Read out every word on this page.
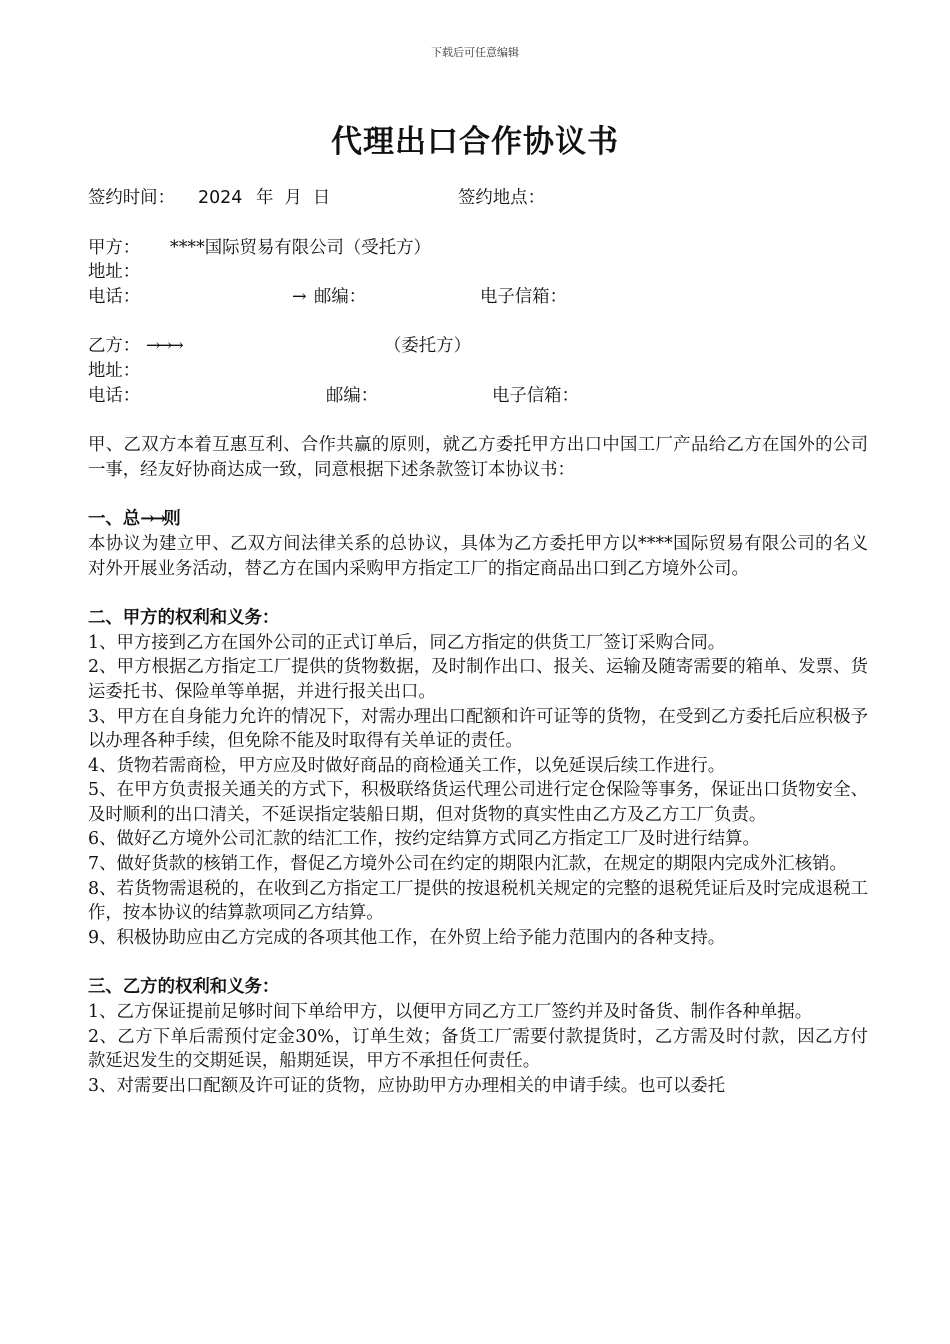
下载后可任意编辑
代理出口合作协议书
签约时间： 2024 年  月  日	签约地点：
甲方： ****国际贸易有限公司（受托方）
地址：
电话：	→ 邮编：	电子信箱：
乙方： →→→	（委托方）
地址：
电话：	邮编：	电子信箱：

甲、乙双方本着互惠互利、合作共赢的原则，就乙方委托甲方出口中国工厂产品给乙方在国外的公司一事，经友好协商达成一致，同意根据下述条款签订本协议书：

一、总→→则

本协议为建立甲、乙双方间法律关系的总协议，具体为乙方委托甲方以****国际贸易有限公司的名义对外开展业务活动，替乙方在国内采购甲方指定工厂的指定商品出口到乙方境外公司。

二、甲方的权利和义务：

1、甲方接到乙方在国外公司的正式订单后，同乙方指定的供货工厂签订采购合同。

2、甲方根据乙方指定工厂提供的货物数据，及时制作出口、报关、运输及随寄需要的箱单、发票、货运委托书、保险单等单据，并进行报关出口。

3、甲方在自身能力允许的情况下，对需办理出口配额和许可证等的货物，在受到乙方委托后应积极予以办理各种手续，但免除不能及时取得有关单证的责任。

4、货物若需商检，甲方应及时做好商品的商检通关工作，以免延误后续工作进行。

5、在甲方负责报关通关的方式下，积极联络货运代理公司进行定仓保险等事务，保证出口货物安全、及时顺利的出口清关，不延误指定装船日期，但对货物的真实性由乙方及乙方工厂负责。

6、做好乙方境外公司汇款的结汇工作，按约定结算方式同乙方指定工厂及时进行结算。

7、做好货款的核销工作，督促乙方境外公司在约定的期限内汇款，在规定的期限内完成外汇核销。

8、若货物需退税的，在收到乙方指定工厂提供的按退税机关规定的完整的退税凭证后及时完成退税工作，按本协议的结算款项同乙方结算。

9、积极协助应由乙方完成的各项其他工作，在外贸上给予能力范围内的各种支持。

三、乙方的权利和义务：

1、乙方保证提前足够时间下单给甲方，以便甲方同乙方工厂签约并及时备货、制作各种单据。

2、乙方下单后需预付定金30%，订单生效；备货工厂需要付款提货时，乙方需及时付款，因乙方付款延迟发生的交期延误，船期延误，甲方不承担任何责任。

3、对需要出口配额及许可证的货物，应协助甲方办理相关的申请手续。也可以委托
